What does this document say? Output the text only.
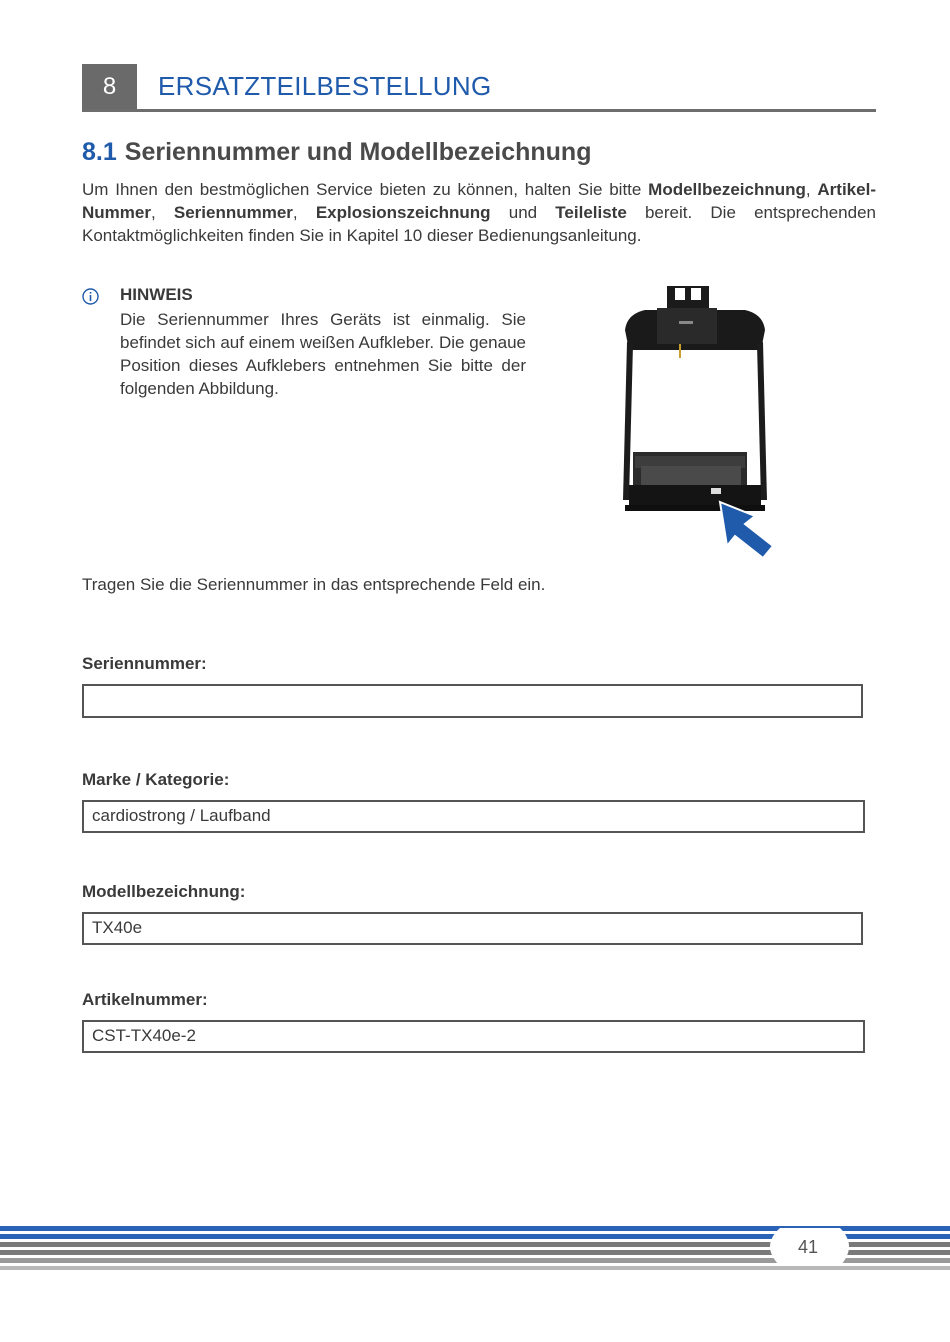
8	ERSATZTEILBESTELLUNG
8.1 Seriennummer und Modellbezeichnung
Um Ihnen den bestmöglichen Service bieten zu können, halten Sie bitte Modellbezeichnung, Artikel-Nummer, Seriennummer, Explosionszeichnung und Teileliste bereit. Die entsprechenden Kontaktmöglichkeiten finden Sie in Kapitel 10 dieser Bedienungsanleitung.
HINWEIS
Die Seriennummer Ihres Geräts ist einmalig. Sie befindet sich auf einem weißen Aufkleber. Die genaue Position dieses Aufklebers entnehmen Sie bitte der folgenden Abbildung.
Tragen Sie die Seriennummer in das entsprechende Feld ein.
Seriennummer:
Marke / Kategorie:
cardiostrong / Laufband
Modellbezeichnung:
TX40e
Artikelnummer:
CST-TX40e-2
41
